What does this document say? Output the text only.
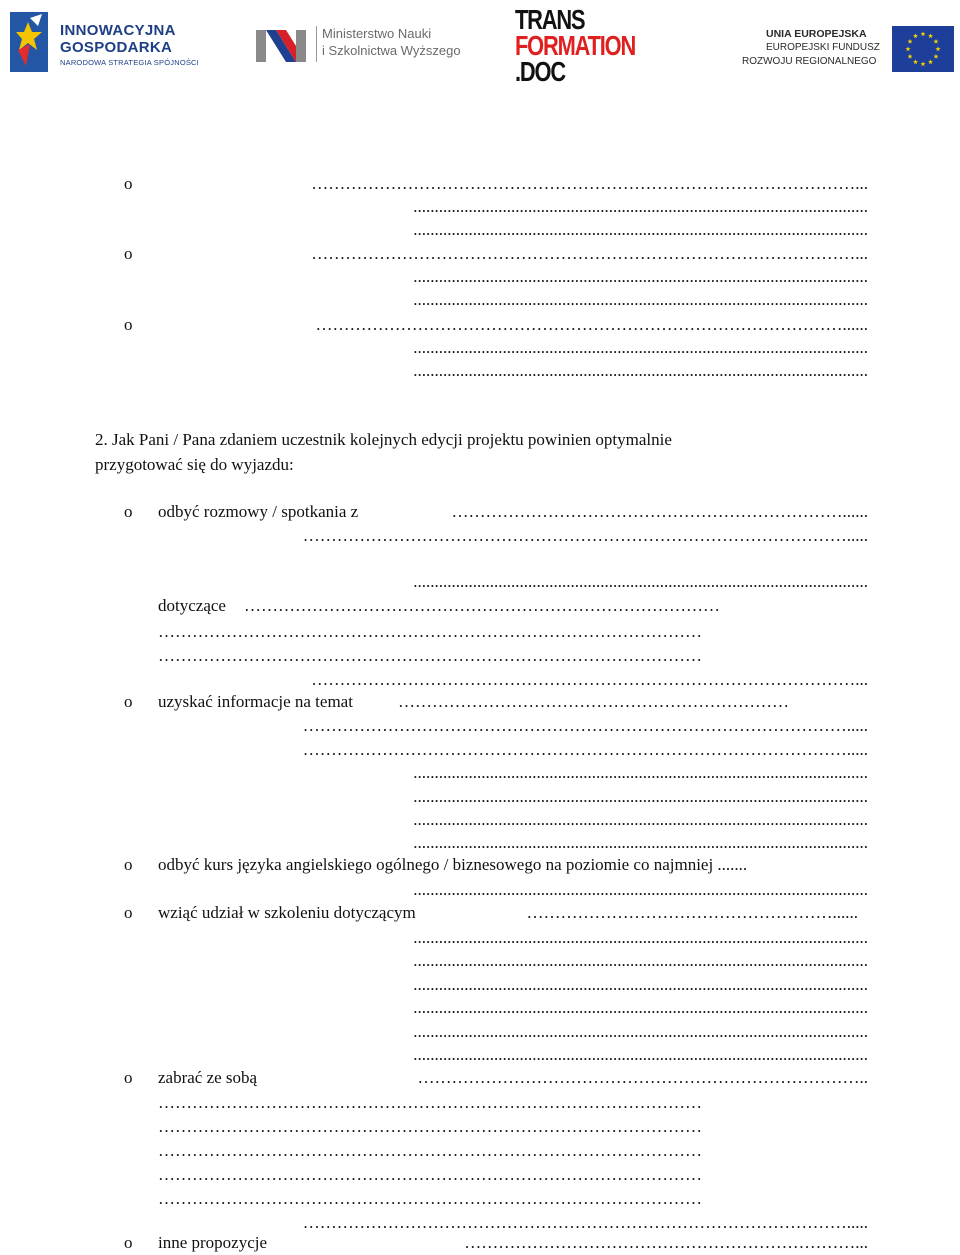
INNOWACYJNA
GOSPODARKA
NARODOWA STRATEGIA SPÓJNOŚCI
Ministerstwo Nauki
i Szkolnictwa Wyższego
TRANS
FORMATION
.DOC
UNIA EUROPEJSKA
EUROPEJSKI FUNDUSZ
ROZWOJU REGIONALNEGO
o	……………………………………………………………………………………...
...........................................................................................................
...........................................................................................................
o	……………………………………………………………………………………...
...........................................................................................................
...........................................................................................................
o	…………………………………………………………………………………......
...........................................................................................................
...........................................................................................................
2. Jak Pani / Pana zdaniem uczestnik kolejnych edycji projektu powinien optymalnie
przygotować się do wyjazdu:
o odbyć rozmowy / spotkania z	……………………………………………………………......
…………………………………………………………………………………….....
...........................................................................................................
dotyczące …………………………………………………………………………
……………………………………………………………………………………
……………………………………………………………………………………
……………………………………………………………………………………...
o uzyskać informacje na temat	……………………………………………………………
…………………………………………………………………………………….....
…………………………………………………………………………………….....
...........................................................................................................
...........................................................................................................
...........................................................................................................
...........................................................................................................
o odbyć kurs języka angielskiego ogólnego / biznesowego na poziomie co najmniej .......
...........................................................................................................
o wziąć udział w szkoleniu dotyczącym	………………………………………………......
...........................................................................................................
...........................................................................................................
...........................................................................................................
...........................................................................................................
...........................................................................................................
...........................................................................................................
o zabrać ze sobą	……………………………………………………………………..
……………………………………………………………………………………
……………………………………………………………………………………
……………………………………………………………………………………
……………………………………………………………………………………
……………………………………………………………………………………
…………………………………………………………………………………….....
o inne propozycje	……………………………………………………………...
